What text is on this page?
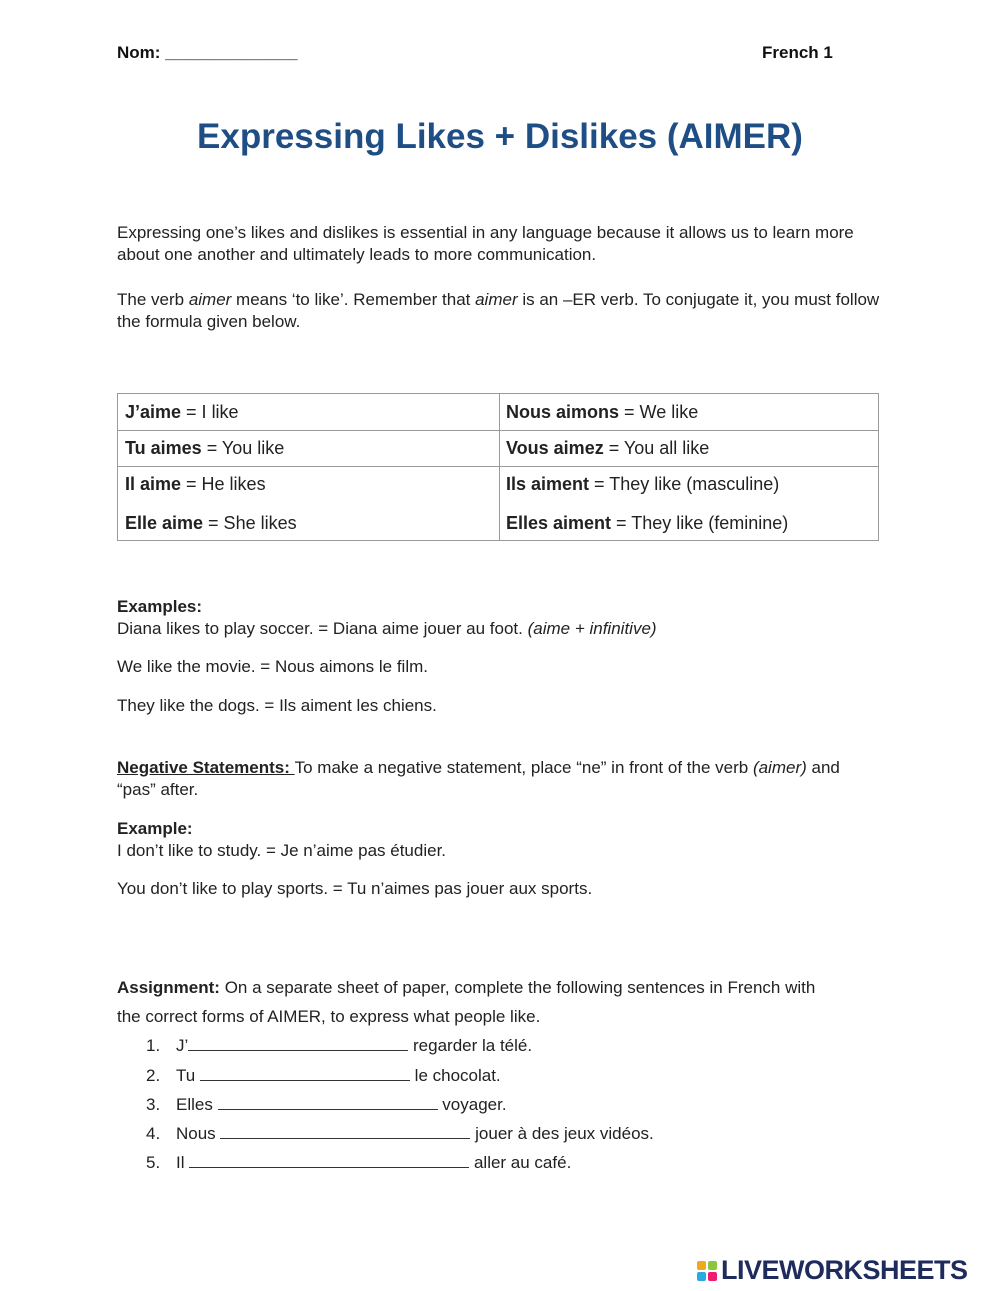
Nom: ______________	French 1
Expressing Likes + Dislikes (AIMER)

Expressing one’s likes and dislikes is essential in any language because it allows us to learn more about one another and ultimately leads to more communication.

The verb aimer means ‘to like’. Remember that aimer is an –ER verb. To conjugate it, you must follow the formula given below.

J’aime = I like	Nous aimons = We like
Tu aimes = You like	Vous aimez = You all like
Il aime = He likes	Ils aiment = They like (masculine)
Elle aime = She likes	Elles aiment = They like (feminine)
Examples:
Diana likes to play soccer. = Diana aime jouer au foot. (aime + infinitive)
We like the movie. = Nous aimons le film.
They like the dogs. = Ils aiment les chiens.
Negative Statements: To make a negative statement, place “ne” in front of the verb (aimer) and
“pas” after.
Example:
I don’t like to study. = Je n’aime pas étudier.
You don’t like to play sports. = Tu n’aimes pas jouer aux sports.
Assignment: On a separate sheet of paper, complete the following sentences in French with
the correct forms of AIMER, to express what people like.
1. J’	regarder la télé.
2. Tu	le chocolat.
3. Elles	voyager.
4. Nous	jouer à des jeux vidéos.
5. Il	aller au café.
LIVEWORKSHEETS
